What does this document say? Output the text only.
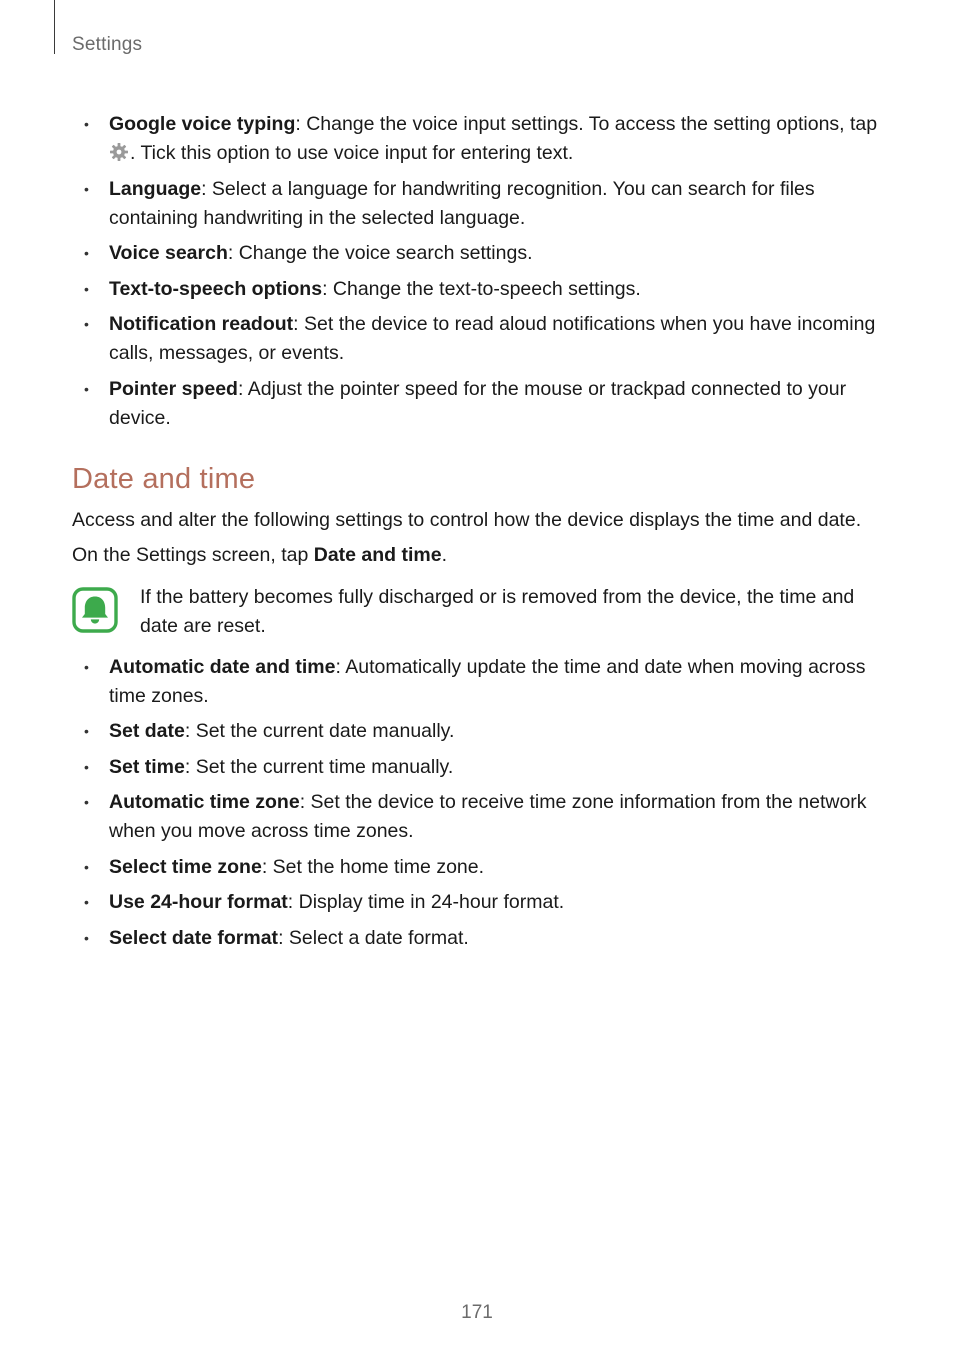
Settings
• Google voice typing: Change the voice input settings. To access the setting options, tap . Tick this option to use voice input for entering text.
• Language: Select a language for handwriting recognition. You can search for files containing handwriting in the selected language.
• Voice search: Change the voice search settings.
• Text-to-speech options: Change the text-to-speech settings.
• Notification readout: Set the device to read aloud notifications when you have incoming calls, messages, or events.
• Pointer speed: Adjust the pointer speed for the mouse or trackpad connected to your device.
Date and time

Access and alter the following settings to control how the device displays the time and date.

On the Settings screen, tap Date and time.

If the battery becomes fully discharged or is removed from the device, the time and date are reset.
• Automatic date and time: Automatically update the time and date when moving across time zones.
• Set date: Set the current date manually.
• Set time: Set the current time manually.
• Automatic time zone: Set the device to receive time zone information from the network when you move across time zones.
• Select time zone: Set the home time zone.
• Use 24-hour format: Display time in 24-hour format.
• Select date format: Select a date format.
171
